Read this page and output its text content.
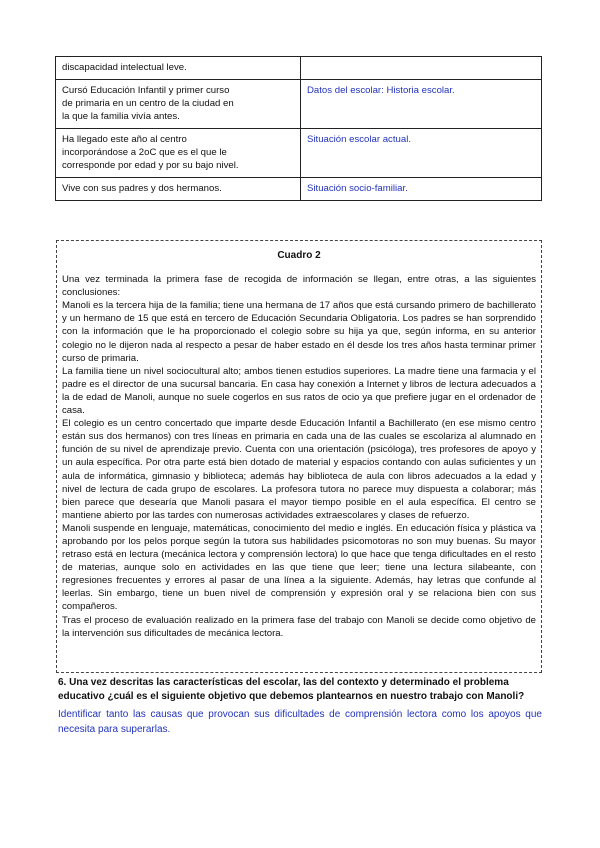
discapacidad intelectual leve.	

Cursó Educación Infantil y primer curso
de primaria en un centro de la ciudad en
la que la familia vivía antes.	Datos del escolar: Historia escolar.

Ha llegado este año al centro
incorporándose a 2oC que es el que le
corresponde por edad y por su bajo nivel.	Situación escolar actual.

Vive con sus padres y dos hermanos.	Situación socio-familiar.
Cuadro 2

Una vez terminada la primera fase de recogida de información se llegan, entre otras, a las siguientes conclusiones:

Manoli es la tercera hija de la familia; tiene una hermana de 17 años que está cursando primero de bachillerato y un hermano de 15 que está en tercero de Educación Secundaria Obligatoria. Los padres se han sorprendido con la información que le ha proporcionado el colegio sobre su hija ya que, según informa, en su anterior colegio no le dijeron nada al respecto a pesar de haber estado en él desde los tres años hasta terminar primer curso de primaria.

La familia tiene un nivel sociocultural alto; ambos tienen estudios superiores. La madre tiene una farmacia y el padre es el director de una sucursal bancaria. En casa hay conexión a Internet y libros de lectura adecuados a la de edad de Manoli, aunque no suele cogerlos en sus ratos de ocio ya que prefiere jugar en el ordenador de casa.

El colegio es un centro concertado que imparte desde Educación Infantil a Bachillerato (en ese mismo centro están sus dos hermanos) con tres líneas en primaria en cada una de las cuales se escolariza al alumnado en función de su nivel de aprendizaje previo. Cuenta con una orientación (psicóloga), tres profesores de apoyo y un aula específica. Por otra parte está bien dotado de material y espacios contando con aulas suficientes y un aula de informática, gimnasio y biblioteca; además hay biblioteca de aula con libros adecuados a la edad y nivel de lectura de cada grupo de escolares. La profesora tutora no parece muy dispuesta a colaborar; más bien parece que desearía que Manoli pasara el mayor tiempo posible en el aula específica. El centro se mantiene abierto por las tardes con numerosas actividades extraescolares y clases de refuerzo.

Manoli suspende en lenguaje, matemáticas, conocimiento del medio e inglés. En educación física y plástica va aprobando por los pelos porque según la tutora sus habilidades psicomotoras no son muy buenas. Su mayor retraso está en lectura (mecánica lectora y comprensión lectora) lo que hace que tenga dificultades en el resto de materias, aunque solo en actividades en las que tiene que leer; tiene una lectura silabeante, con regresiones frecuentes y errores al pasar de una línea a la siguiente. Además, hay letras que confunde al leerlas. Sin embargo, tiene un buen nivel de comprensión y expresión oral y se relaciona bien con sus compañeros.

Tras el proceso de evaluación realizado en la primera fase del trabajo con Manoli se decide como objetivo de la intervención sus dificultades de mecánica lectora.

6. Una vez descritas las características del escolar, las del contexto y determinado el problema educativo ¿cuál es el siguiente objetivo que debemos plantearnos en nuestro trabajo con Manoli?

Identificar tanto las causas que provocan sus dificultades de comprensión lectora como los apoyos que necesita para superarlas.
